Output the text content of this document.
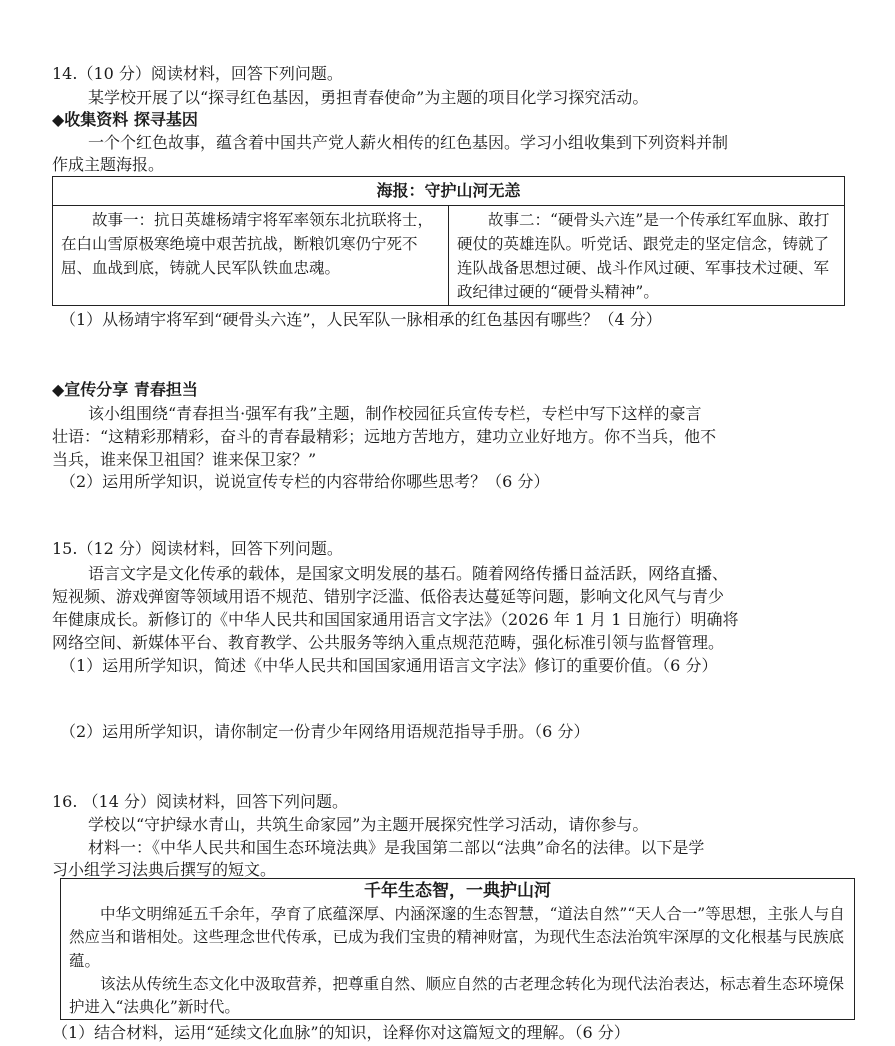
14.（10 分）阅读材料，回答下列问题。
某学校开展了以“探寻红色基因，勇担青春使命”为主题的项目化学习探究活动。
◆收集资料 探寻基因
一个个红色故事，蕴含着中国共产党人薪火相传的红色基因。学习小组收集到下列资料并制
作成主题海报。
海报：守护山河无恙
故事一：抗日英雄杨靖宇将军率领东北抗联将士，在白山雪原极寒绝境中艰苦抗战，断粮饥寒仍宁死不屈、血战到底，铸就人民军队铁血忠魂。
故事二：“硬骨头六连”是一个传承红军血脉、敢打硬仗的英雄连队。听党话、跟党走的坚定信念，铸就了连队战备思想过硬、战斗作风过硬、军事技术过硬、军政纪律过硬的“硬骨头精神”。
（1）从杨靖宇将军到“硬骨头六连”，人民军队一脉相承的红色基因有哪些？（4 分）
◆宣传分享 青春担当
该小组围绕“青春担当·强军有我”主题，制作校园征兵宣传专栏，专栏中写下这样的豪言
壮语：“这精彩那精彩，奋斗的青春最精彩；远地方苦地方，建功立业好地方。你不当兵，他不
当兵，谁来保卫祖国？谁来保卫家？”
（2）运用所学知识，说说宣传专栏的内容带给你哪些思考？（6 分）
15.（12 分）阅读材料，回答下列问题。
语言文字是文化传承的载体，是国家文明发展的基石。随着网络传播日益活跃，网络直播、
短视频、游戏弹窗等领域用语不规范、错别字泛滥、低俗表达蔓延等问题，影响文化风气与青少
年健康成长。新修订的《中华人民共和国国家通用语言文字法》（2026 年 1 月 1 日施行）明确将
网络空间、新媒体平台、教育教学、公共服务等纳入重点规范范畴，强化标准引领与监督管理。
（1）运用所学知识，简述《中华人民共和国国家通用语言文字法》修订的重要价值。（6 分）
（2）运用所学知识，请你制定一份青少年网络用语规范指导手册。（6 分）
16. （14 分）阅读材料，回答下列问题。
学校以“守护绿水青山，共筑生命家园”为主题开展探究性学习活动，请你参与。
材料一：《中华人民共和国生态环境法典》是我国第二部以“法典”命名的法律。以下是学
习小组学习法典后撰写的短文。
千年生态智，一典护山河

中华文明绵延五千余年，孕育了底蕴深厚、内涵深邃的生态智慧，“道法自然”“天人合一”等思想，主张人与自然应当和谐相处。这些理念世代传承，已成为我们宝贵的精神财富，为现代生态法治筑牢深厚的文化根基与民族底蕴。

该法从传统生态文化中汲取营养，把尊重自然、顺应自然的古老理念转化为现代法治表达，标志着生态环境保护进入“法典化”新时代。

（1）结合材料，运用“延续文化血脉”的知识，诠释你对这篇短文的理解。（6 分）
